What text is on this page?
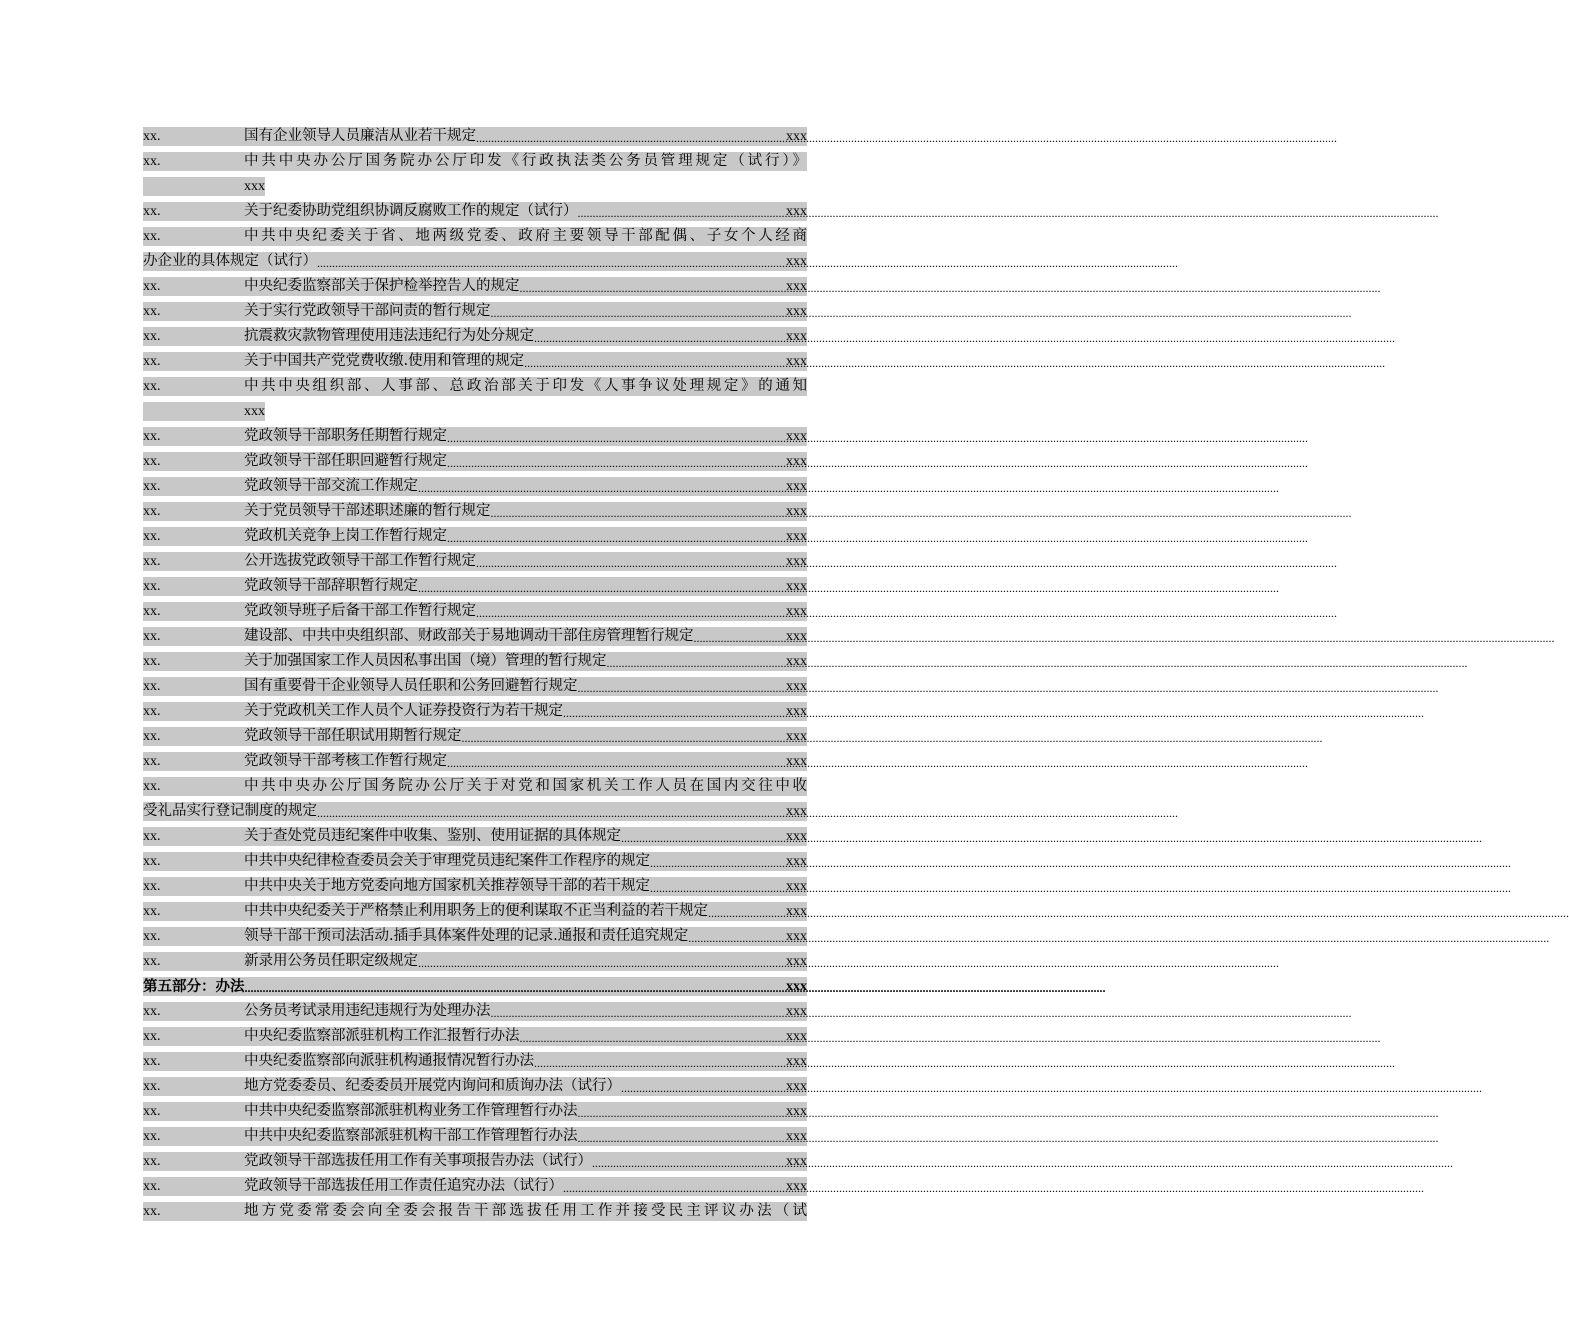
xx.	国有企业领导人员廉洁从业若干规定 .....	xxx
xx.	中共中央办公厅国务院办公厅印发《行政执法类公务员管理规定（试行）》
xxx
xx.	关于纪委协助党组织协调反腐败工作的规定（试行） .....	xxx
xx.	中共中央纪委关于省、地两级党委、政府主要领导干部配偶、子女个人经商
办企业的具体规定（试行） .....	xxx
xx.	中央纪委监察部关于保护检举控告人的规定 .....	xxx
xx.	关于实行党政领导干部问责的暂行规定 .....	xxx
xx.	抗震救灾款物管理使用违法违纪行为处分规定 .....	xxx
xx.	关于中国共产党党费收缴.使用和管理的规定 .....	xxx
xx.	中共中央组织部、人事部、总政治部关于印发《人事争议处理规定》的通知
xxx
xx.	党政领导干部职务任期暂行规定 .....	xxx
xx.	党政领导干部任职回避暂行规定 .....	xxx
xx.	党政领导干部交流工作规定 .....	xxx
xx.	关于党员领导干部述职述廉的暂行规定 .....	xxx
xx.	党政机关竞争上岗工作暂行规定 .....	xxx
xx.	公开选拔党政领导干部工作暂行规定 .....	xxx
xx.	党政领导干部辞职暂行规定 .....	xxx
xx.	党政领导班子后备干部工作暂行规定 .....	xxx
xx.	建设部、中共中央组织部、财政部关于易地调动干部住房管理暂行规定 .....	xxx
xx.	关于加强国家工作人员因私事出国（境）管理的暂行规定 .....	xxx
xx.	国有重要骨干企业领导人员任职和公务回避暂行规定 .....	xxx
xx.	关于党政机关工作人员个人证券投资行为若干规定 .....	xxx
xx.	党政领导干部任职试用期暂行规定 .....	xxx
xx.	党政领导干部考核工作暂行规定 .....	xxx
xx.	中共中央办公厅国务院办公厅关于对党和国家机关工作人员在国内交往中收
受礼品实行登记制度的规定 .....	xxx
xx.	关于查处党员违纪案件中收集、鉴别、使用证据的具体规定 .....	xxx
xx.	中共中央纪律检查委员会关于审理党员违纪案件工作程序的规定 .....	xxx
xx.	中共中央关于地方党委向地方国家机关推荐领导干部的若干规定 .....	xxx
xx.	中共中央纪委关于严格禁止利用职务上的便利谋取不正当利益的若干规定 .....	xxx
xx.	领导干部干预司法活动.插手具体案件处理的记录.通报和责任追究规定 .....	xxx
xx.	新录用公务员任职定级规定 .....	xxx
第五部分：办法 .....	xxx
xx.	公务员考试录用违纪违规行为处理办法 .....	xxx
xx.	中央纪委监察部派驻机构工作汇报暂行办法 .....	xxx
xx.	中央纪委监察部向派驻机构通报情况暂行办法 .....	xxx
xx.	地方党委委员、纪委委员开展党内询问和质询办法（试行） .....	xxx
xx.	中共中央纪委监察部派驻机构业务工作管理暂行办法 .....	xxx
xx.	中共中央纪委监察部派驻机构干部工作管理暂行办法 .....	xxx
xx.	党政领导干部选拔任用工作有关事项报告办法（试行） .....	xxx
xx.	党政领导干部选拔任用工作责任追究办法（试行） .....	xxx
xx.	地方党委常委会向全委会报告干部选拔任用工作并接受民主评议办法（试
